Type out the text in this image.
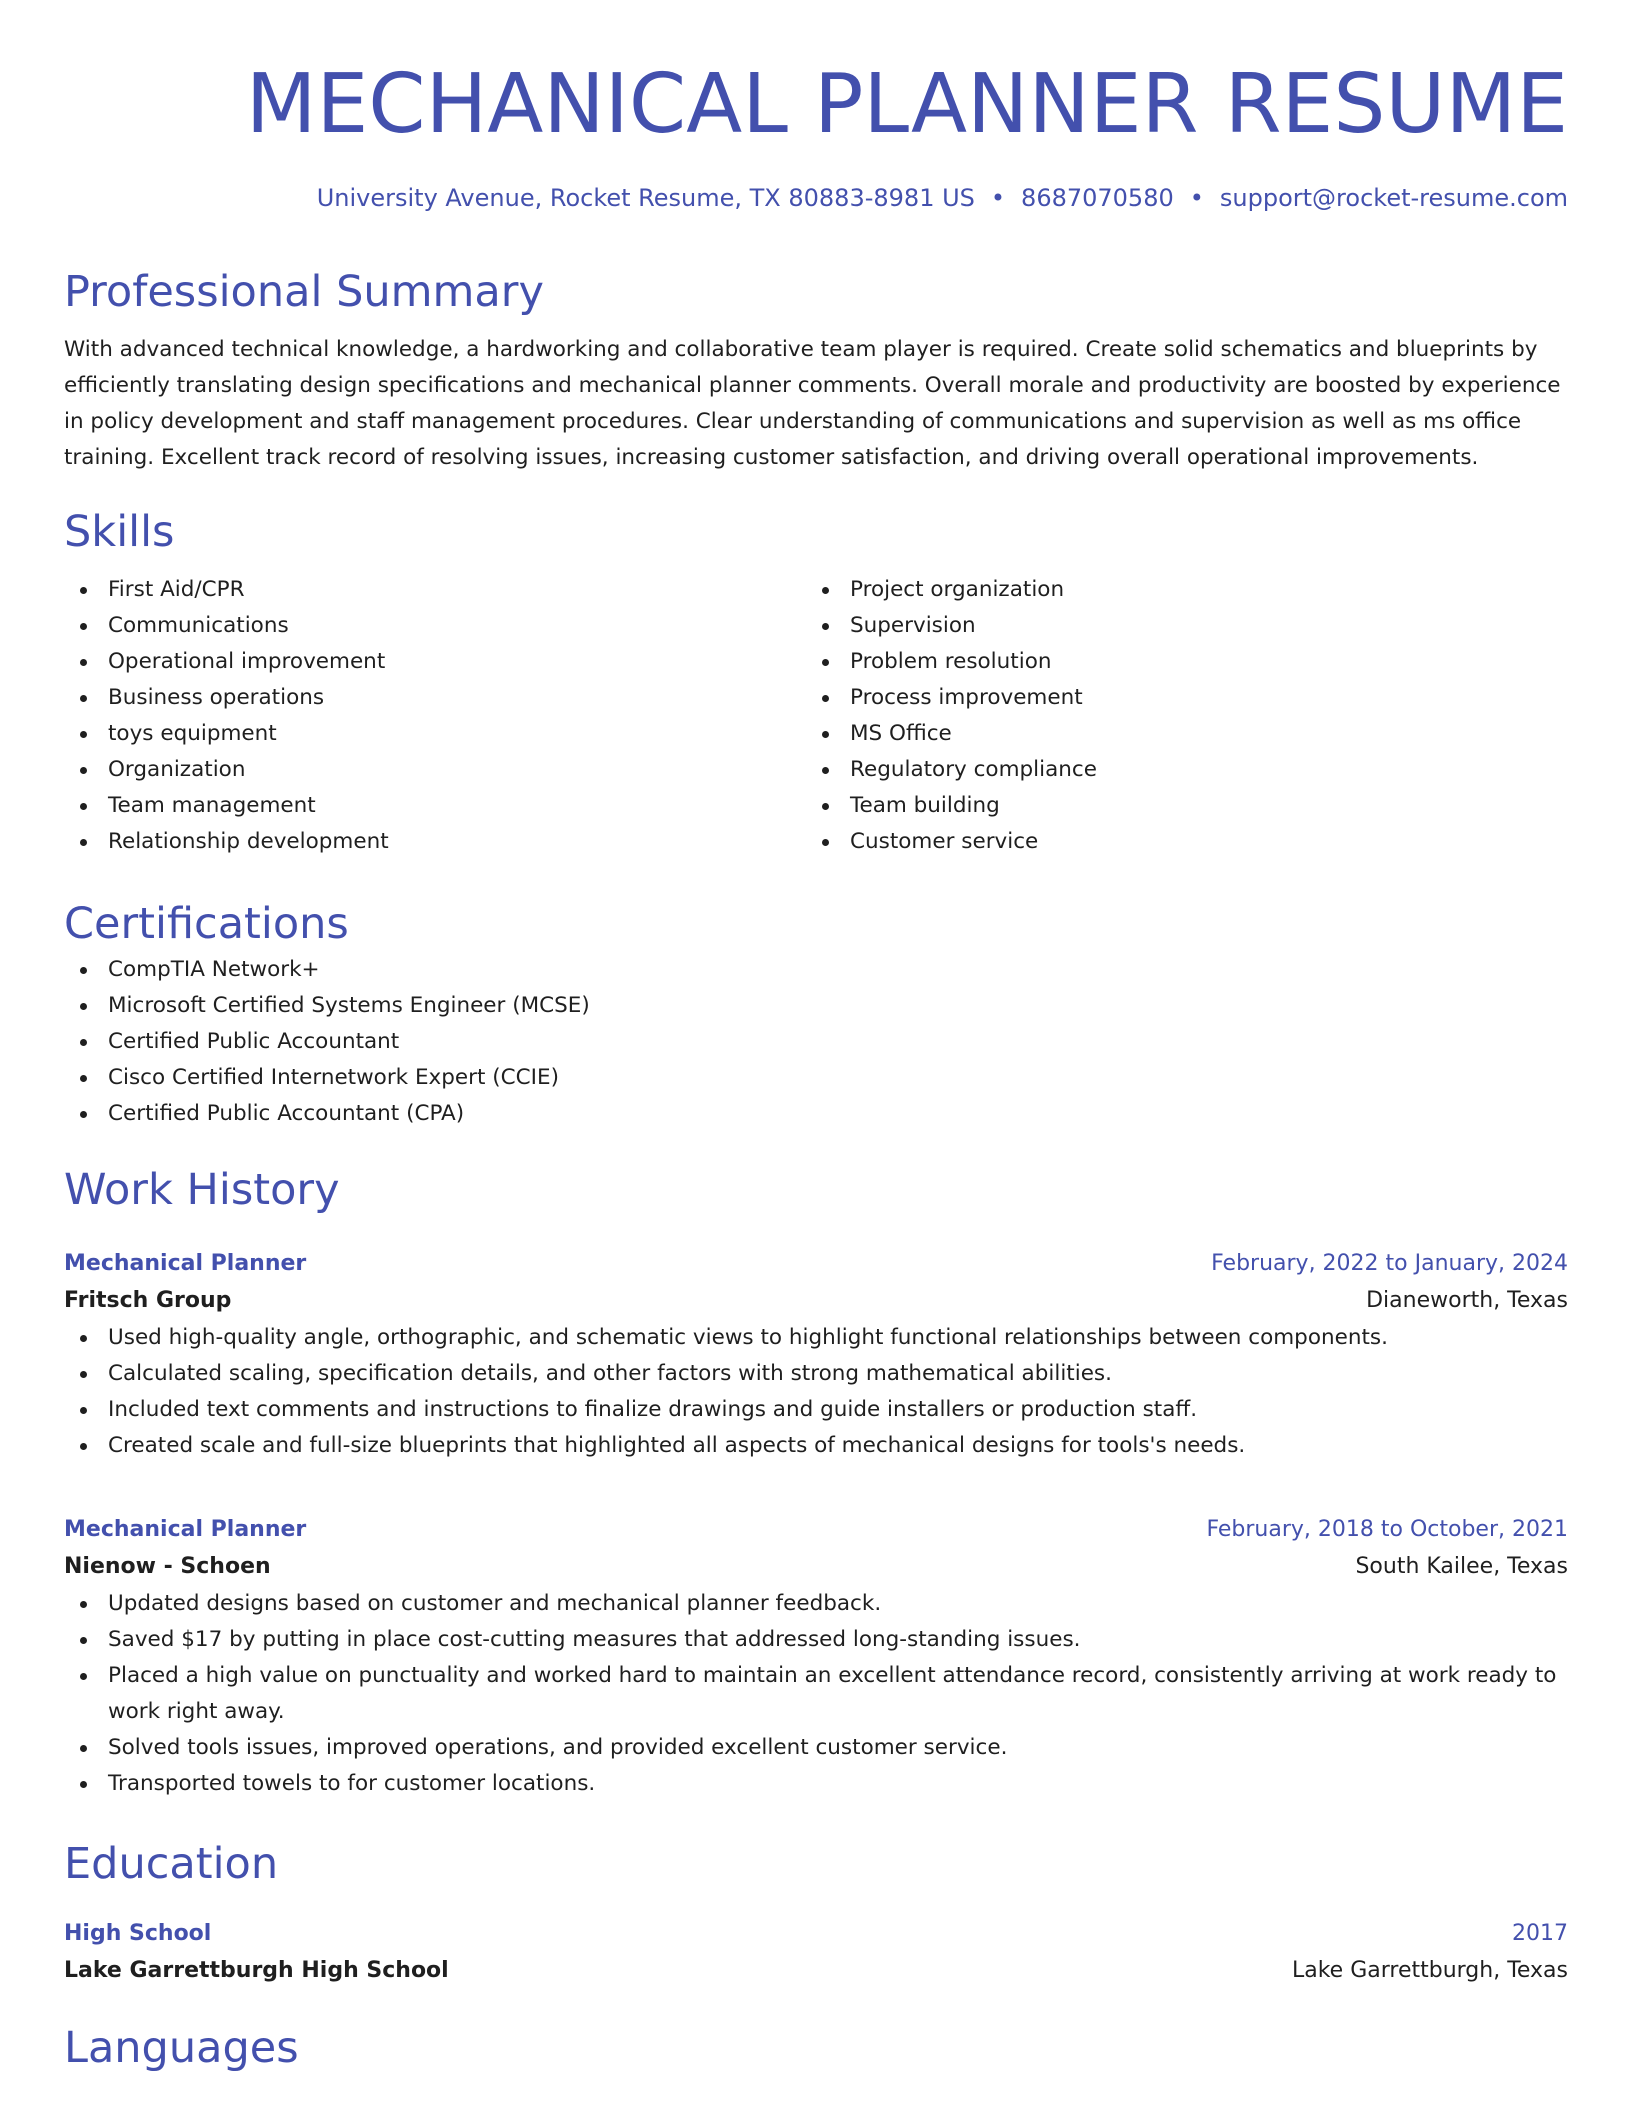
MECHANICAL PLANNER RESUME
University Avenue, Rocket Resume, TX 80883-8981 US • 8687070580 • support@rocket-resume.com
Professional Summary

With advanced technical knowledge, a hardworking and collaborative team player is required. Create solid schematics and blueprints by efficiently translating design specifications and mechanical planner comments. Overall morale and productivity are boosted by experience in policy development and staff management procedures. Clear understanding of communications and supervision as well as ms office training. Excellent track record of resolving issues, increasing customer satisfaction, and driving overall operational improvements.

Skills
First Aid/CPR
Communications
Operational improvement
Business operations
toys equipment
Organization
Team management
Relationship development
Project organization
Supervision
Problem resolution
Process improvement
MS Office
Regulatory compliance
Team building
Customer service
Certifications
CompTIA Network+
Microsoft Certified Systems Engineer (MCSE)
Certified Public Accountant
Cisco Certified Internetwork Expert (CCIE)
Certified Public Accountant (CPA)
Work History
Mechanical Planner	February, 2022 to January, 2024
Fritsch Group	Dianeworth, Texas
Used high-quality angle, orthographic, and schematic views to highlight functional relationships between components.
Calculated scaling, specification details, and other factors with strong mathematical abilities.
Included text comments and instructions to finalize drawings and guide installers or production staff.
Created scale and full-size blueprints that highlighted all aspects of mechanical designs for tools's needs.
Mechanical Planner	February, 2018 to October, 2021
Nienow - Schoen	South Kailee, Texas
Updated designs based on customer and mechanical planner feedback.
Saved $17 by putting in place cost-cutting measures that addressed long-standing issues.
Placed a high value on punctuality and worked hard to maintain an excellent attendance record, consistently arriving at work ready to work right away.
Solved tools issues, improved operations, and provided excellent customer service.
Transported towels to for customer locations.
Education
High School	2017
Lake Garrettburgh High School	Lake Garrettburgh, Texas
Languages
